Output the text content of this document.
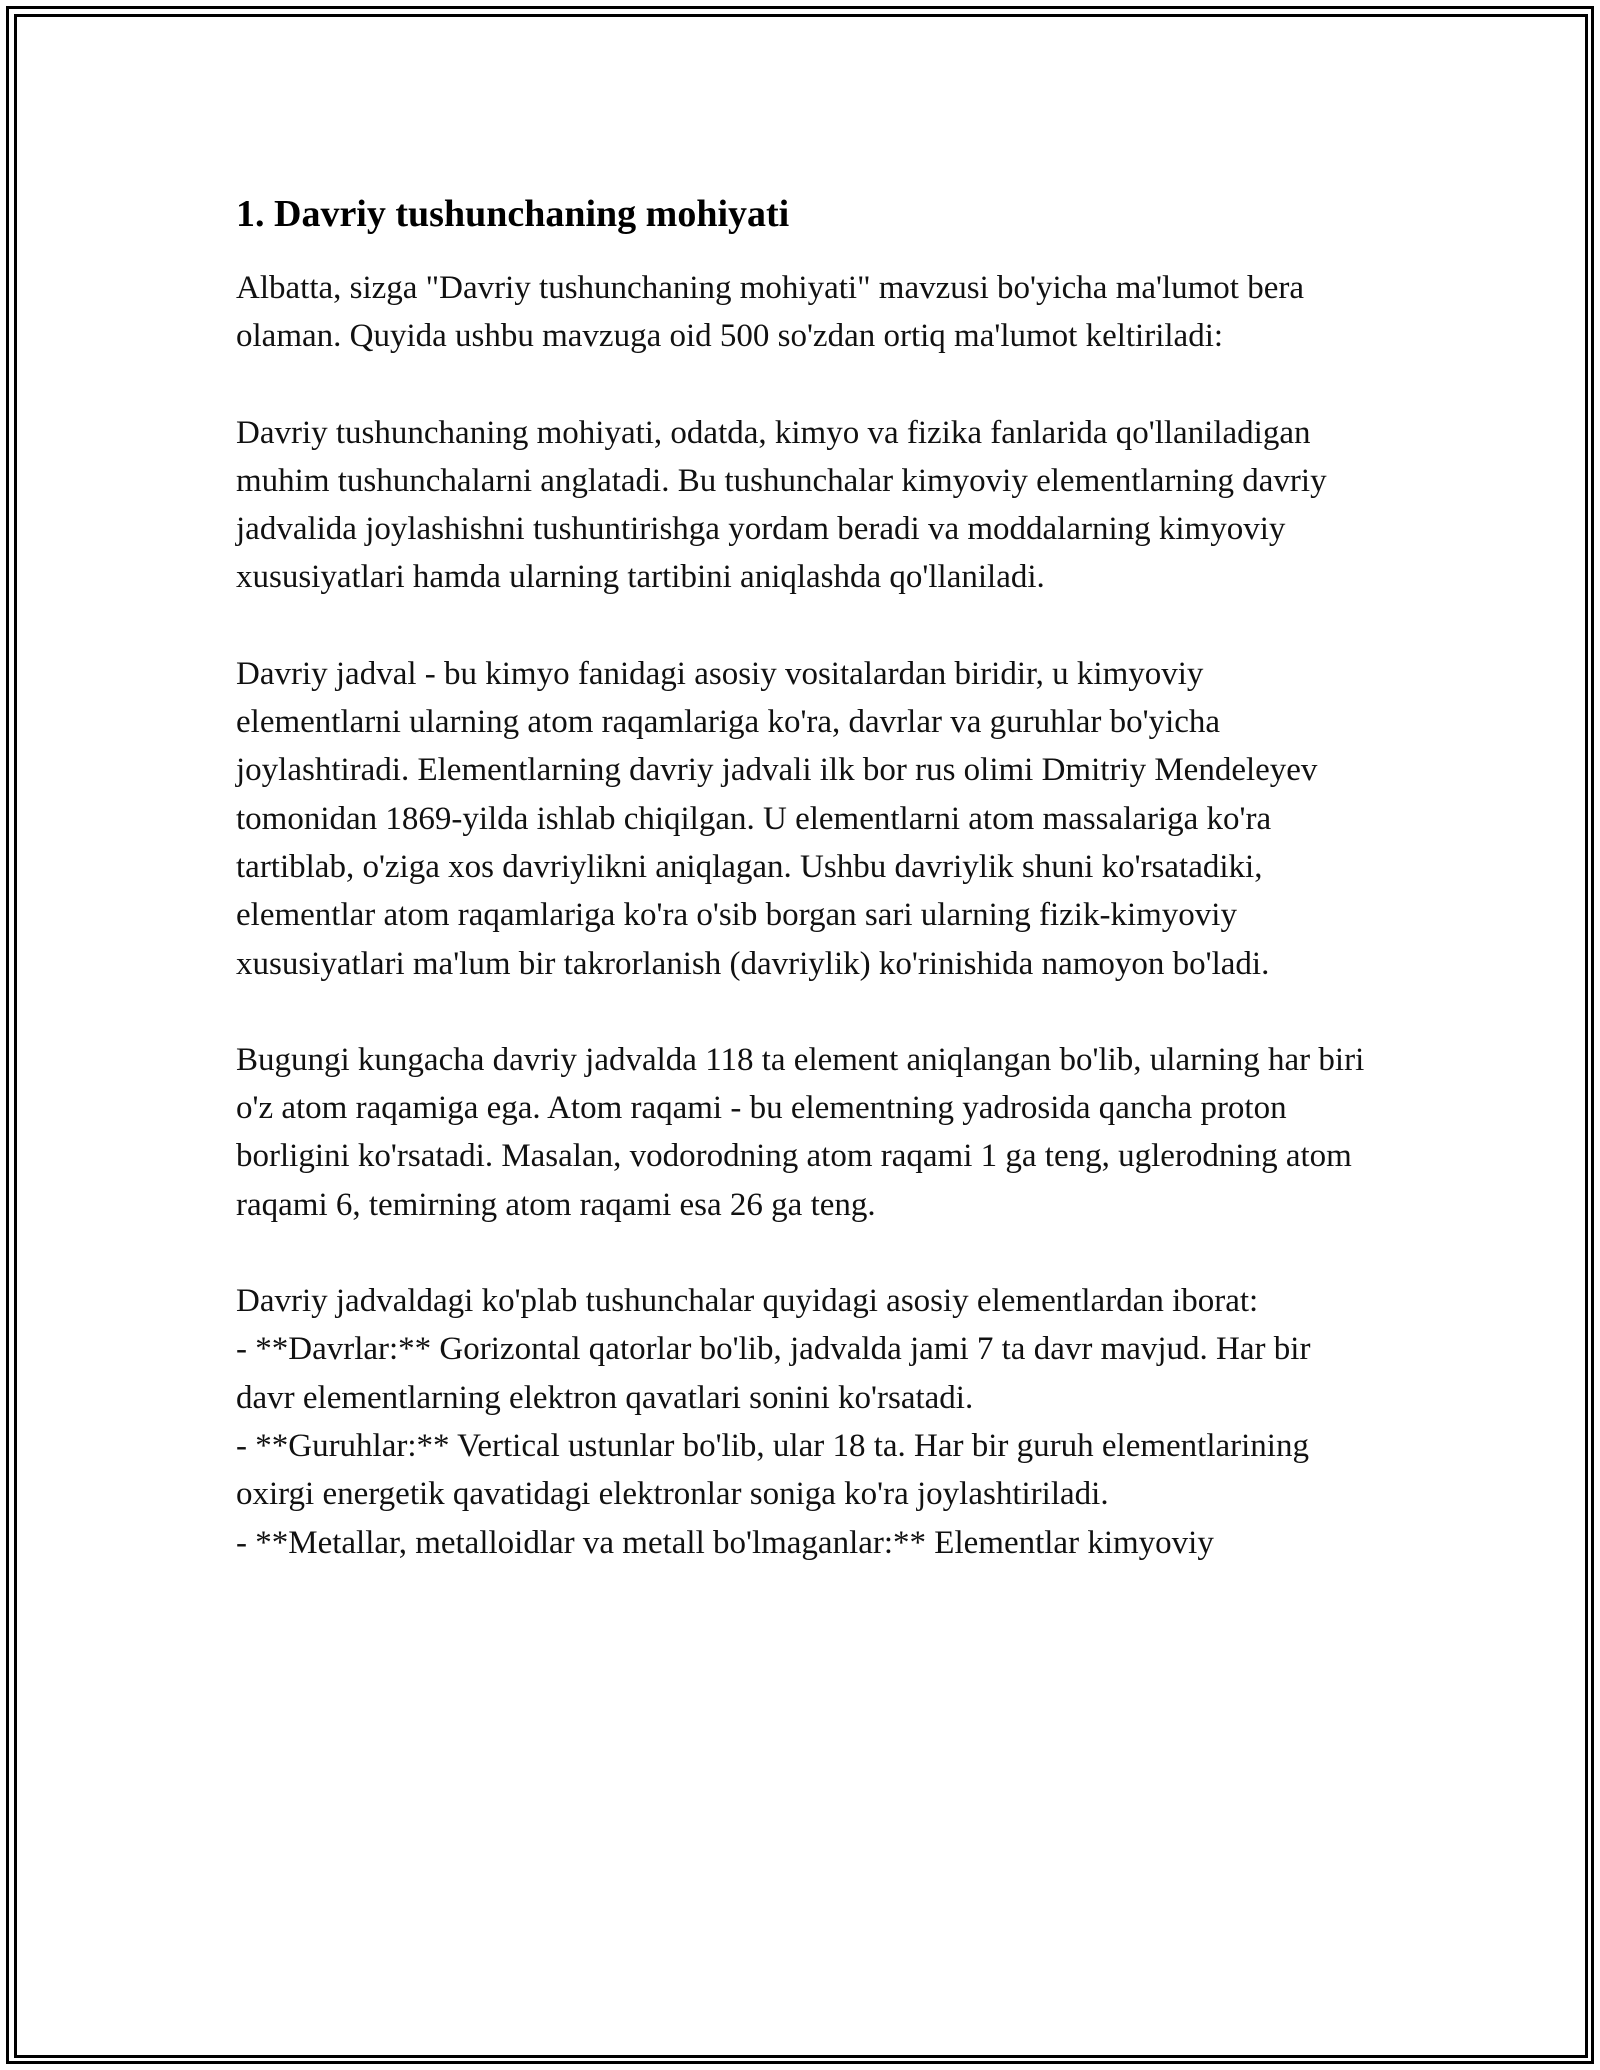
1. Davriy tushunchaning mohiyati

Albatta, sizga "Davriy tushunchaning mohiyati" mavzusi bo'yicha ma'lumot bera olaman. Quyida ushbu mavzuga oid 500 so'zdan ortiq ma'lumot keltiriladi:

Davriy tushunchaning mohiyati, odatda, kimyo va fizika fanlarida qo'llaniladigan muhim tushunchalarni anglatadi. Bu tushunchalar kimyoviy elementlarning davriy jadvalida joylashishni tushuntirishga yordam beradi va moddalarning kimyoviy xususiyatlari hamda ularning tartibini aniqlashda qo'llaniladi.

Davriy jadval - bu kimyo fanidagi asosiy vositalardan biridir, u kimyoviy elementlarni ularning atom raqamlariga ko'ra, davrlar va guruhlar bo'yicha joylashtiradi. Elementlarning davriy jadvali ilk bor rus olimi Dmitriy Mendeleyev tomonidan 1869-yilda ishlab chiqilgan. U elementlarni atom massalariga ko'ra tartiblab, o'ziga xos davriylikni aniqlagan. Ushbu davriylik shuni ko'rsatadiki, elementlar atom raqamlariga ko'ra o'sib borgan sari ularning fizik-kimyoviy xususiyatlari ma'lum bir takrorlanish (davriylik) ko'rinishida namoyon bo'ladi.

Bugungi kungacha davriy jadvalda 118 ta element aniqlangan bo'lib, ularning har biri o'z atom raqamiga ega. Atom raqami - bu elementning yadrosida qancha proton borligini ko'rsatadi. Masalan, vodorodning atom raqami 1 ga teng, uglerodning atom raqami 6, temirning atom raqami esa 26 ga teng.

Davriy jadvaldagi ko'plab tushunchalar quyidagi asosiy elementlardan iborat:

- **Davrlar:** Gorizontal qatorlar bo'lib, jadvalda jami 7 ta davr mavjud. Har bir davr elementlarning elektron qavatlari sonini ko'rsatadi.
- **Guruhlar:** Vertical ustunlar bo'lib, ular 18 ta. Har bir guruh elementlarining oxirgi energetik qavatidagi elektronlar soniga ko'ra joylashtiriladi.
- **Metallar, metalloidlar va metall bo'lmaganlar:** Elementlar kimyoviy
